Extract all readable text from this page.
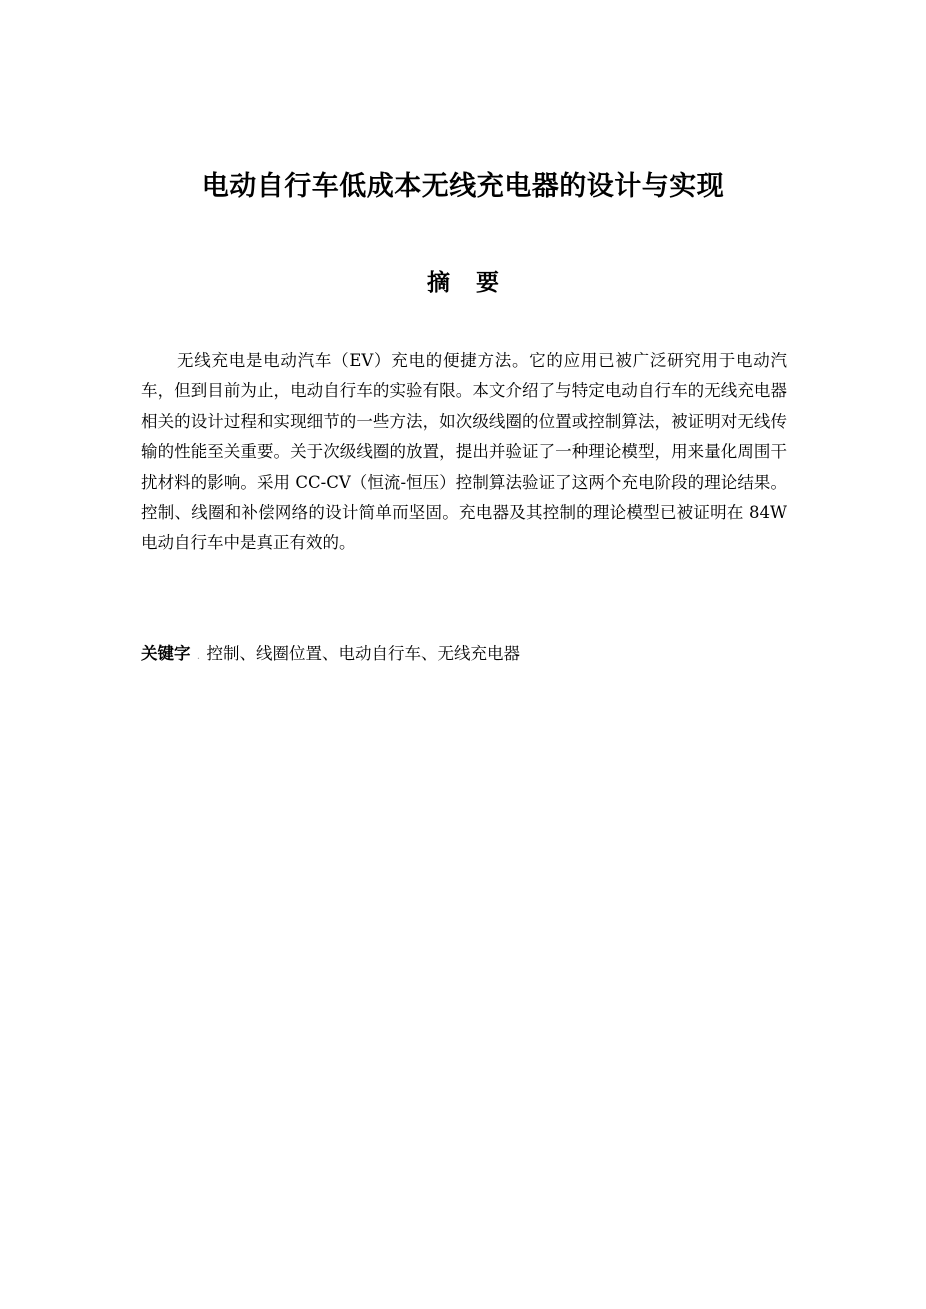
电动自行车低成本无线充电器的设计与实现
摘 要

无线充电是电动汽车（EV）充电的便捷方法。它的应用已被广泛研究用于电动汽车，但到目前为止，电动自行车的实验有限。本文介绍了与特定电动自行车的无线充电器相关的设计过程和实现细节的一些方法，如次级线圈的位置或控制算法，被证明对无线传输的性能至关重要。关于次级线圈的放置，提出并验证了一种理论模型，用来量化周围干扰材料的影响。采用 CC-CV（恒流-恒压）控制算法验证了这两个充电阶段的理论结果。控制、线圈和补偿网络的设计简单而坚固。充电器及其控制的理论模型已被证明在 84W 电动自行车中是真正有效的。

关键字 . 控制、线圈位置、电动自行车、无线充电器
